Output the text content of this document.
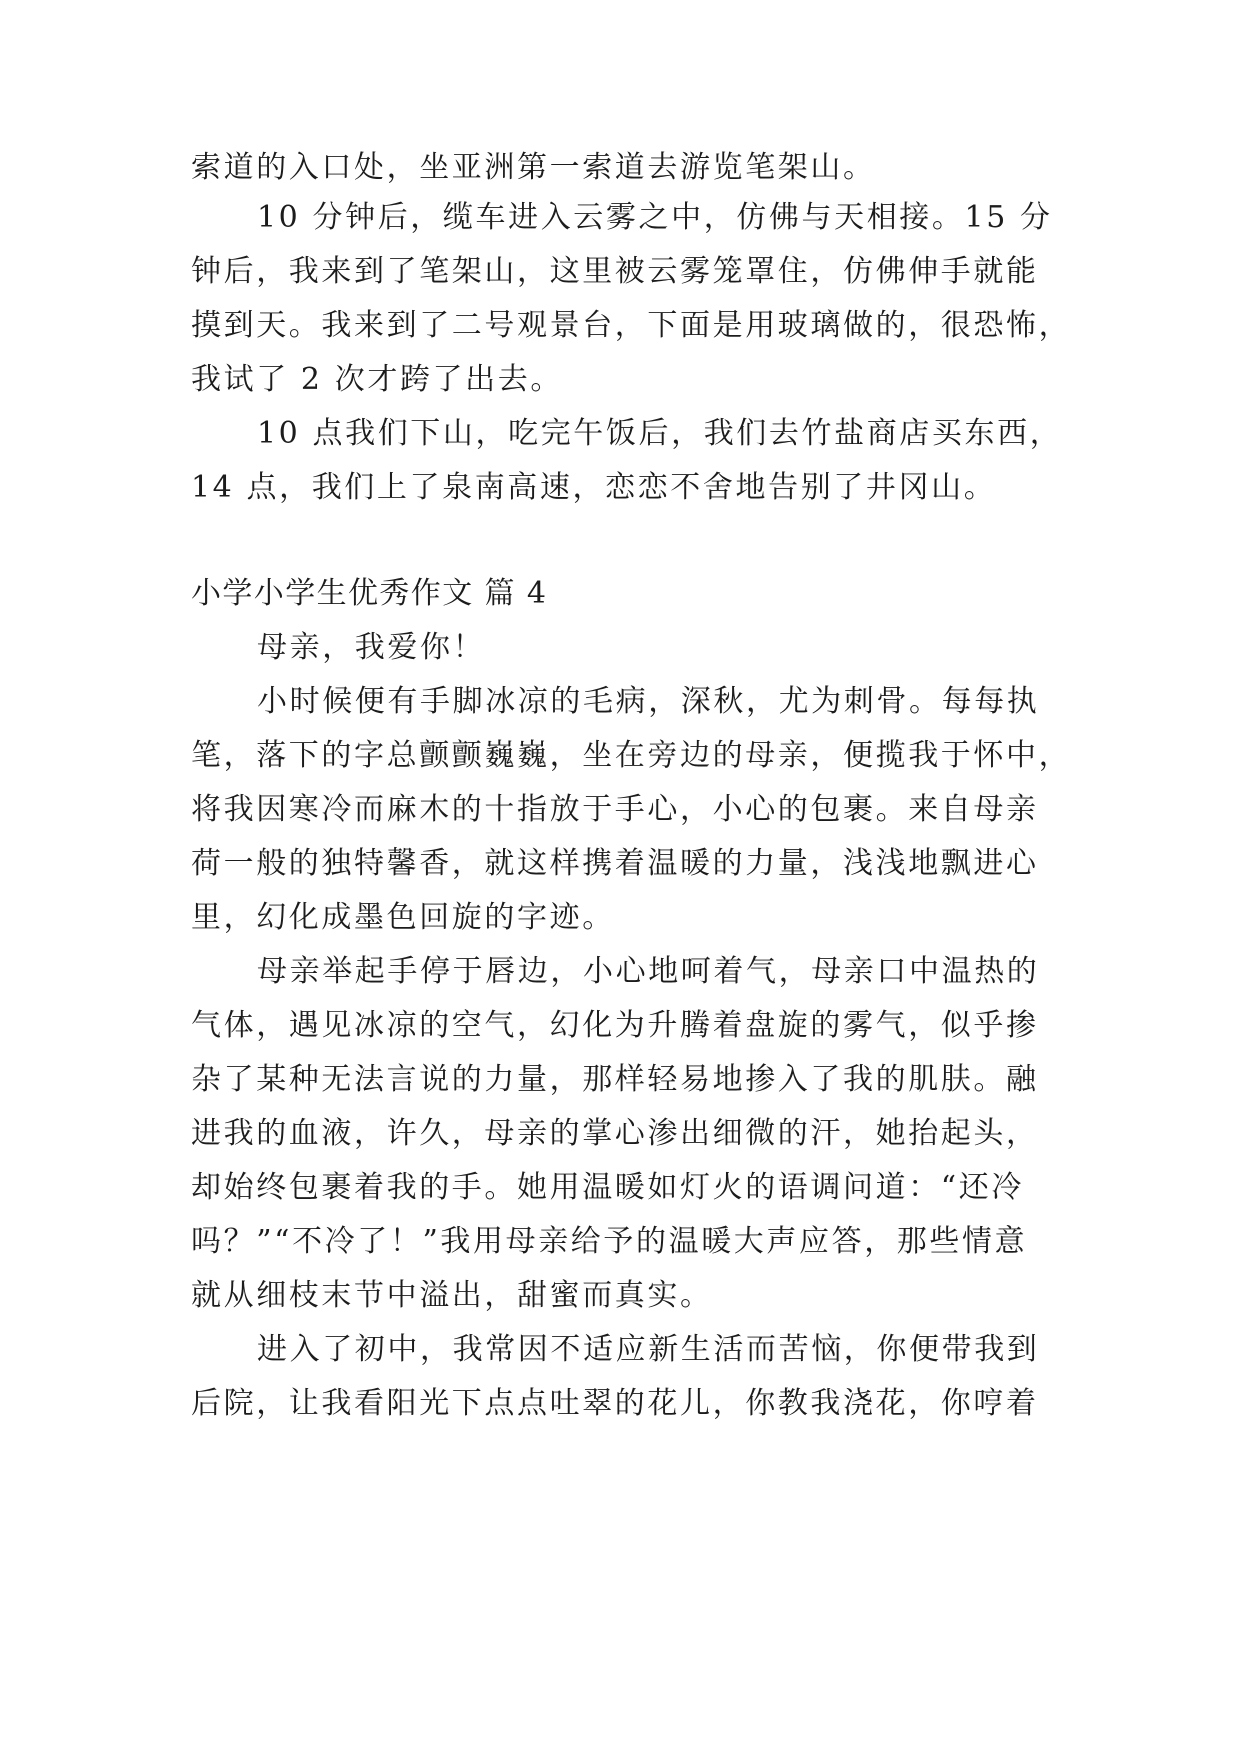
索道的入口处，坐亚洲第一索道去游览笔架山。
10 分钟后，缆车进入云雾之中，仿佛与天相接。15 分
钟后，我来到了笔架山，这里被云雾笼罩住，仿佛伸手就能
摸到天。我来到了二号观景台，下面是用玻璃做的，很恐怖，
我试了 2 次才跨了出去。
10 点我们下山，吃完午饭后，我们去竹盐商店买东西，
14 点，我们上了泉南高速，恋恋不舍地告别了井冈山。
小学小学生优秀作文 篇 4
母亲，我爱你！
小时候便有手脚冰凉的毛病，深秋，尤为刺骨。每每执
笔，落下的字总颤颤巍巍，坐在旁边的母亲，便揽我于怀中，
将我因寒冷而麻木的十指放于手心，小心的包裹。来自母亲
荷一般的独特馨香，就这样携着温暖的力量，浅浅地飘进心
里，幻化成墨色回旋的字迹。
母亲举起手停于唇边，小心地呵着气，母亲口中温热的
气体，遇见冰凉的空气，幻化为升腾着盘旋的雾气，似乎掺
杂了某种无法言说的力量，那样轻易地掺入了我的肌肤。融
进我的血液，许久，母亲的掌心渗出细微的汗，她抬起头，
却始终包裹着我的手。她用温暖如灯火的语调问道：“还冷
吗？”“不冷了！”我用母亲给予的温暖大声应答，那些情意
就从细枝末节中溢出，甜蜜而真实。
进入了初中，我常因不适应新生活而苦恼，你便带我到
后院，让我看阳光下点点吐翠的花儿，你教我浇花，你哼着
